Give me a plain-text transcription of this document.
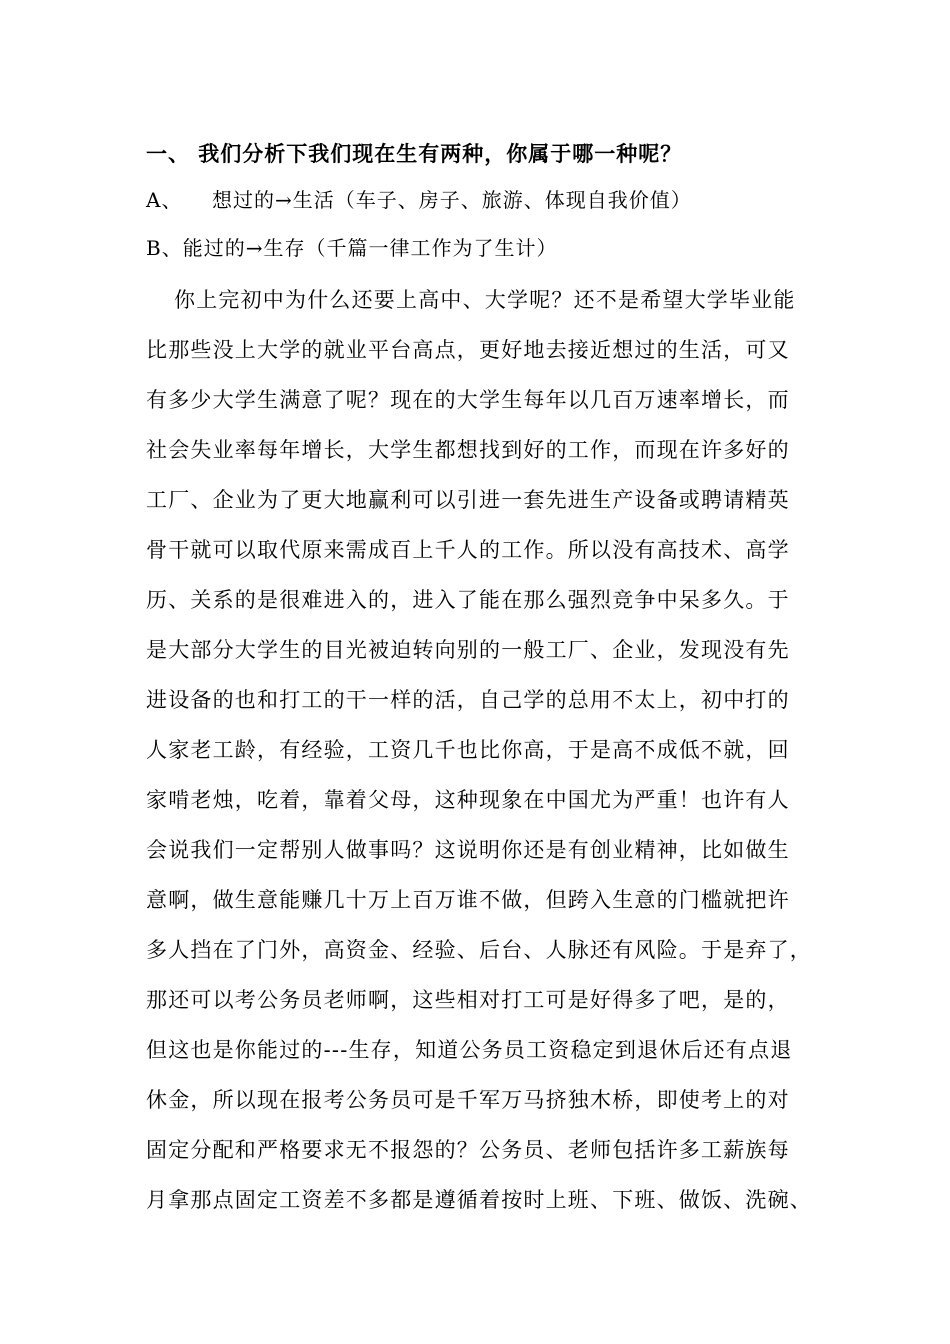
一、 我们分析下我们现在生有两种，你属于哪一种呢？
A、 想过的→生活（车子、房子、旅游、体现自我价值）
B、能过的→生存（千篇一律工作为了生计）
你上完初中为什么还要上高中、大学呢？还不是希望大学毕业能
比那些没上大学的就业平台高点，更好地去接近想过的生活，可又
有多少大学生满意了呢？现在的大学生每年以几百万速率增长，而
社会失业率每年增长，大学生都想找到好的工作，而现在许多好的
工厂、企业为了更大地赢利可以引进一套先进生产设备或聘请精英
骨干就可以取代原来需成百上千人的工作。所以没有高技术、高学
历、关系的是很难进入的，进入了能在那么强烈竞争中呆多久。于
是大部分大学生的目光被迫转向别的一般工厂、企业，发现没有先
进设备的也和打工的干一样的活，自己学的总用不太上，初中打的
人家老工龄，有经验，工资几千也比你高，于是高不成低不就，回
家啃老烛，吃着，靠着父母，这种现象在中国尤为严重！也许有人
会说我们一定帮别人做事吗？这说明你还是有创业精神，比如做生
意啊，做生意能赚几十万上百万谁不做，但跨入生意的门槛就把许
多人挡在了门外，高资金、经验、后台、人脉还有风险。于是弃了，
那还可以考公务员老师啊，这些相对打工可是好得多了吧，是的，
但这也是你能过的---生存，知道公务员工资稳定到退休后还有点退
休金，所以现在报考公务员可是千军万马挤独木桥，即使考上的对
固定分配和严格要求无不报怨的？公务员、老师包括许多工薪族每
月拿那点固定工资差不多都是遵循着按时上班、下班、做饭、洗碗、
